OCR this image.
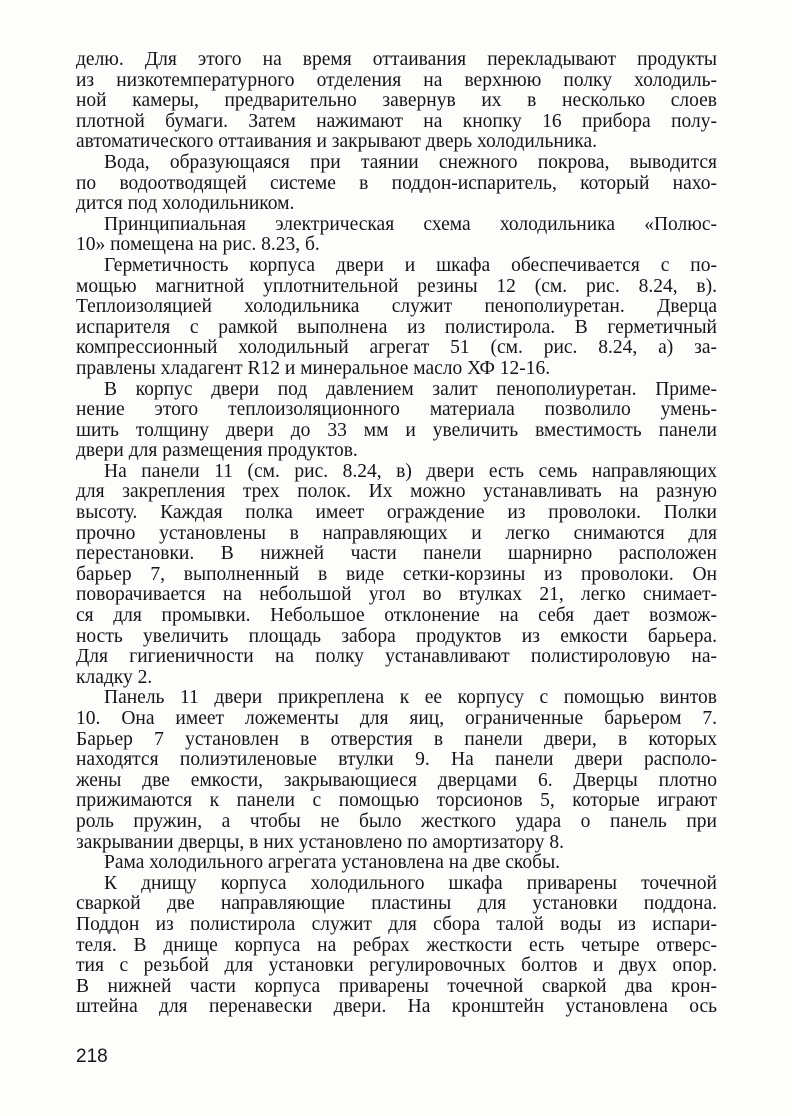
делю. Для этого на время оттаивания перекладывают продукты
из низкотемпературного отделения на верхнюю полку холодиль-
ной камеры, предварительно завернув их в несколько слоев
плотной бумаги. Затем нажимают на кнопку 16 прибора полу-
автоматического оттаивания и закрывают дверь холодильника.
Вода, образующаяся при таянии снежного покрова, выводится
по водоотводящей системе в поддон-испаритель, который нахо-
дится под холодильником.
Принципиальная электрическая схема холодильника «Полюс-
10» помещена на рис. 8.23, б.
Герметичность корпуса двери и шкафа обеспечивается с по-
мощью магнитной уплотнительной резины 12 (см. рис. 8.24, в).
Теплоизоляцией холодильника служит пенополиуретан. Дверца
испарителя с рамкой выполнена из полистирола. В герметичный
компрессионный холодильный агрегат 51 (см. рис. 8.24, а) за-
правлены хладагент R12 и минеральное масло ХФ 12-16.
В корпус двери под давлением залит пенополиуретан. Приме-
нение этого теплоизоляционного материала позволило умень-
шить толщину двери до 33 мм и увеличить вместимость панели
двери для размещения продуктов.
На панели 11 (см. рис. 8.24, в) двери есть семь направляющих
для закрепления трех полок. Их можно устанавливать на разную
высоту. Каждая полка имеет ограждение из проволоки. Полки
прочно установлены в направляющих и легко снимаются для
перестановки. В нижней части панели шарнирно расположен
барьер 7, выполненный в виде сетки-корзины из проволоки. Он
поворачивается на небольшой угол во втулках 21, легко снимает-
ся для промывки. Небольшое отклонение на себя дает возмож-
ность увеличить площадь забора продуктов из емкости барьера.
Для гигиеничности на полку устанавливают полистироловую на-
кладку 2.
Панель 11 двери прикреплена к ее корпусу с помощью винтов
10. Она имеет ложементы для яиц, ограниченные барьером 7.
Барьер 7 установлен в отверстия в панели двери, в которых
находятся полиэтиленовые втулки 9. На панели двери располо-
жены две емкости, закрывающиеся дверцами 6. Дверцы плотно
прижимаются к панели с помощью торсионов 5, которые играют
роль пружин, а чтобы не было жесткого удара о панель при
закрывании дверцы, в них установлено по амортизатору 8.
Рама холодильного агрегата установлена на две скобы.
К днищу корпуса холодильного шкафа приварены точечной
сваркой две направляющие пластины для установки поддона.
Поддон из полистирола служит для сбора талой воды из испари-
теля. В днище корпуса на ребрах жесткости есть четыре отверс-
тия с резьбой для установки регулировочных болтов и двух опор.
В нижней части корпуса приварены точечной сваркой два крон-
штейна для перенавески двери. На кронштейн установлена ось
218
